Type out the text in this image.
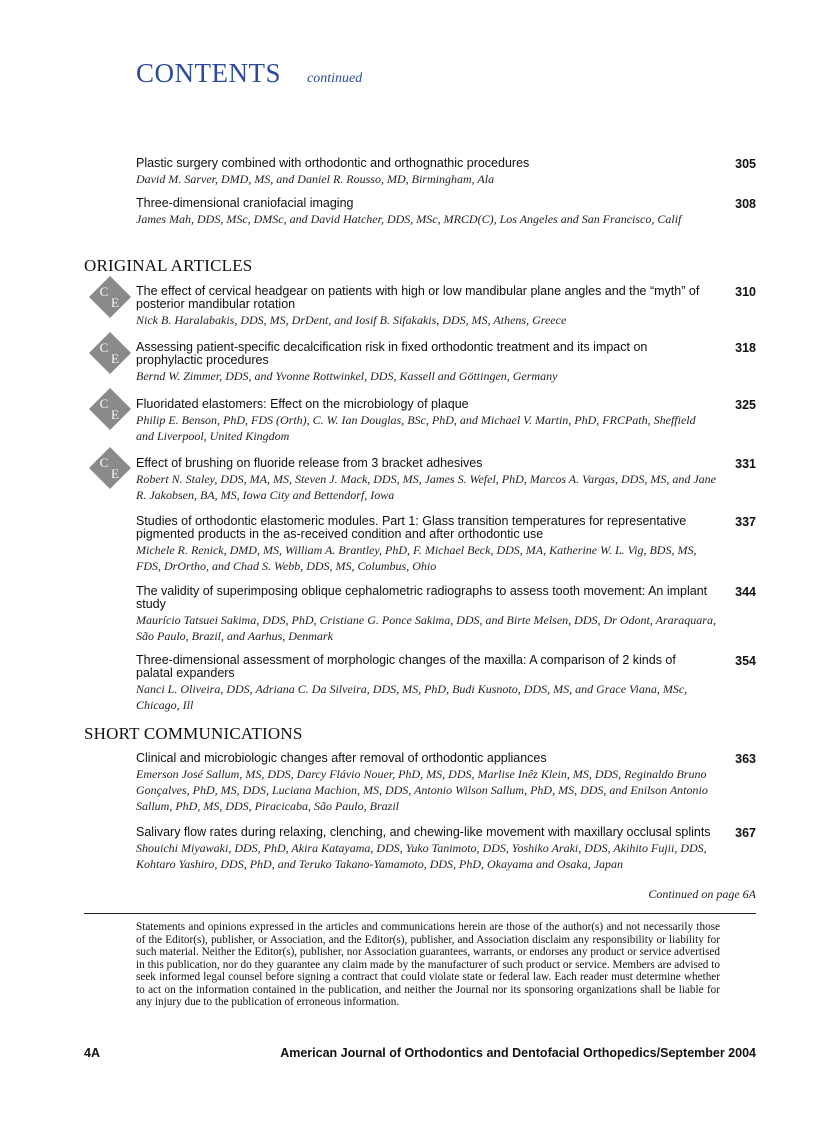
CONTENTS continued
Plastic surgery combined with orthodontic and orthognathic procedures
David M. Sarver, DMD, MS, and Daniel R. Rousso, MD, Birmingham, Ala
305
Three-dimensional craniofacial imaging
James Mah, DDS, MSc, DMSc, and David Hatcher, DDS, MSc, MRCD(C), Los Angeles and San Francisco, Calif
308
ORIGINAL ARTICLES
C
E
C
E
C
E
C
E
The effect of cervical headgear on patients with high or low mandibular plane angles and the “myth” of posterior mandibular rotation
Nick B. Haralabakis, DDS, MS, DrDent, and Iosif B. Sifakakis, DDS, MS, Athens, Greece
310
Assessing patient-specific decalcification risk in fixed orthodontic treatment and its impact on prophylactic procedures
Bernd W. Zimmer, DDS, and Yvonne Rottwinkel, DDS, Kassell and Göttingen, Germany
318
Fluoridated elastomers: Effect on the microbiology of plaque
Philip E. Benson, PhD, FDS (Orth), C. W. Ian Douglas, BSc, PhD, and Michael V. Martin, PhD, FRCPath, Sheffield and Liverpool, United Kingdom
325
Effect of brushing on fluoride release from 3 bracket adhesives
Robert N. Staley, DDS, MA, MS, Steven J. Mack, DDS, MS, James S. Wefel, PhD, Marcos A. Vargas, DDS, MS, and Jane R. Jakobsen, BA, MS, Iowa City and Bettendorf, Iowa
331
Studies of orthodontic elastomeric modules. Part 1: Glass transition temperatures for representative pigmented products in the as-received condition and after orthodontic use
Michele R. Renick, DMD, MS, William A. Brantley, PhD, F. Michael Beck, DDS, MA, Katherine W. L. Vig, BDS, MS, FDS, DrOrtho, and Chad S. Webb, DDS, MS, Columbus, Ohio
337
The validity of superimposing oblique cephalometric radiographs to assess tooth movement: An implant study
Maurício Tatsuei Sakima, DDS, PhD, Cristiane G. Ponce Sakima, DDS, and Birte Melsen, DDS, Dr Odont, Araraquara, São Paulo, Brazil, and Aarhus, Denmark
344
Three-dimensional assessment of morphologic changes of the maxilla: A comparison of 2 kinds of palatal expanders
Nanci L. Oliveira, DDS, Adriana C. Da Silveira, DDS, MS, PhD, Budi Kusnoto, DDS, MS, and Grace Viana, MSc, Chicago, Ill
354
SHORT COMMUNICATIONS
Clinical and microbiologic changes after removal of orthodontic appliances
Emerson José Sallum, MS, DDS, Darcy Flávio Nouer, PhD, MS, DDS, Marlise Inêz Klein, MS, DDS, Reginaldo Bruno Gonçalves, PhD, MS, DDS, Luciana Machion, MS, DDS, Antonio Wilson Sallum, PhD, MS, DDS, and Enilson Antonio Sallum, PhD, MS, DDS, Piracicaba, São Paulo, Brazil
363
Salivary flow rates during relaxing, clenching, and chewing-like movement with maxillary occlusal splints
Shouichi Miyawaki, DDS, PhD, Akira Katayama, DDS, Yuko Tanimoto, DDS, Yoshiko Araki, DDS, Akihito Fujii, DDS, Kohtaro Yashiro, DDS, PhD, and Teruko Takano-Yamamoto, DDS, PhD, Okayama and Osaka, Japan
367
Continued on page 6A
Statements and opinions expressed in the articles and communications herein are those of the author(s) and not necessarily those of the Editor(s), publisher, or Association, and the Editor(s), publisher, and Association disclaim any responsibility or liability for such material. Neither the Editor(s), publisher, nor Association guarantees, warrants, or endorses any product or service advertised in this publication, nor do they guarantee any claim made by the manufacturer of such product or service. Members are advised to seek informed legal counsel before signing a contract that could violate state or federal law. Each reader must determine whether to act on the information contained in the publication, and neither the Journal nor its sponsoring organizations shall be liable for any injury due to the publication of erroneous information.
4A	American Journal of Orthodontics and Dentofacial Orthopedics/September 2004
